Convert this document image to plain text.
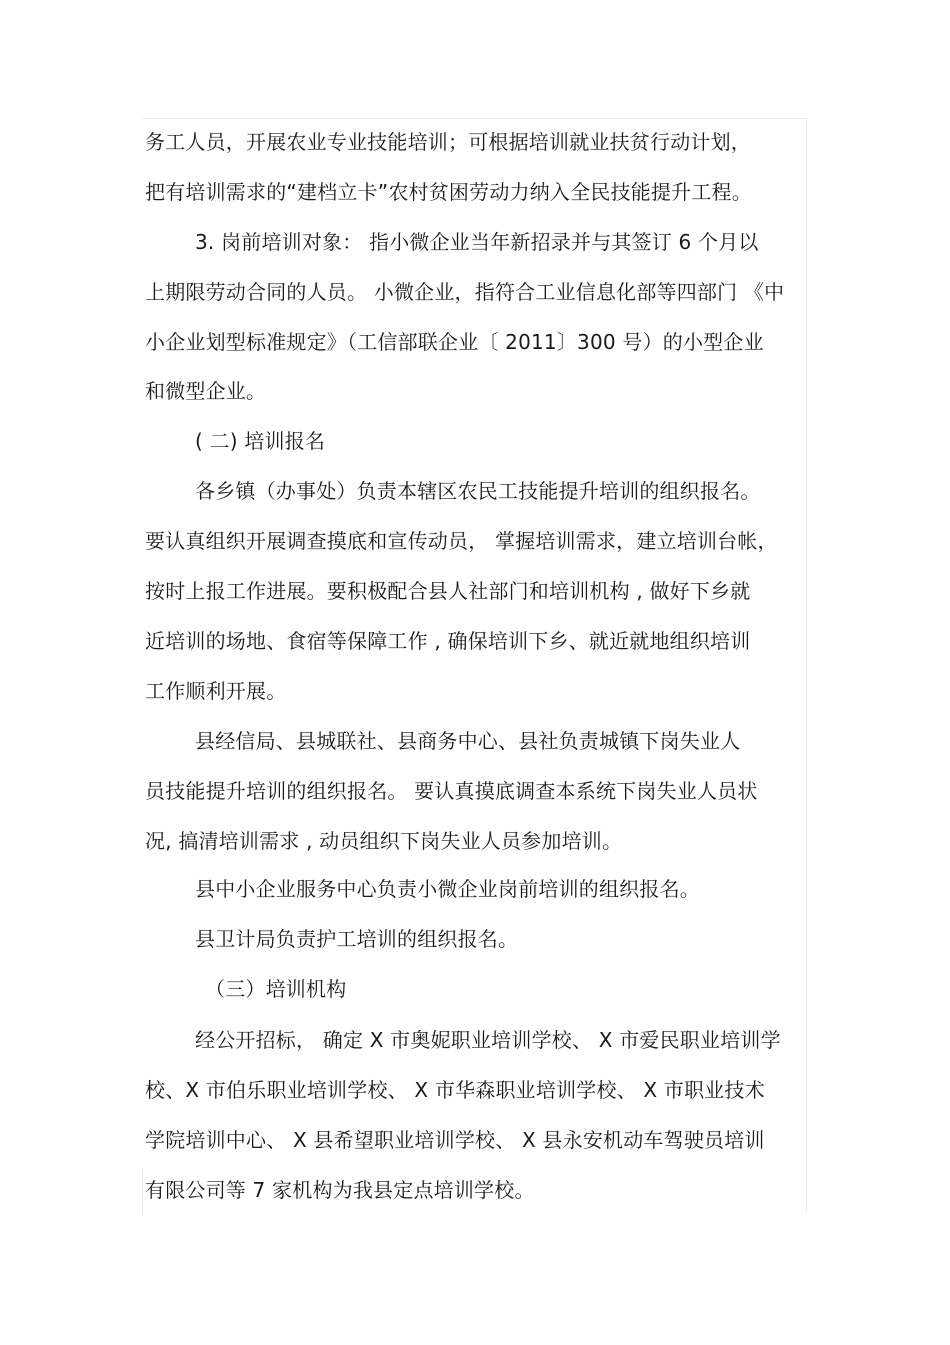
务工人员，开展农业专业技能培训；可根据培训就业扶贫行动计划，
把有培训需求的“建档立卡”农村贫困劳动力纳入全民技能提升工程。
3. 岗前培训对象： 指小微企业当年新招录并与其签订 6 个月以
上期限劳动合同的人员。 小微企业，指符合工业信息化部等四部门 《中
小企业划型标准规定》（工信部联企业〔 2011〕300 号）的小型企业
和微型企业。
( 二) 培训报名
各乡镇（办事处）负责本辖区农民工技能提升培训的组织报名。
要认真组织开展调查摸底和宣传动员， 掌握培训需求，建立培训台帐，
按时上报工作进展。要积极配合县人社部门和培训机构 , 做好下乡就
近培训的场地、食宿等保障工作 , 确保培训下乡、就近就地组织培训
工作顺利开展。
县经信局、县城联社、县商务中心、县社负责城镇下岗失业人
员技能提升培训的组织报名。 要认真摸底调查本系统下岗失业人员状
况, 搞清培训需求 , 动员组织下岗失业人员参加培训。
县中小企业服务中心负责小微企业岗前培训的组织报名。
县卫计局负责护工培训的组织报名。
（三）培训机构
经公开招标， 确定 X 市奥妮职业培训学校、 X 市爱民职业培训学
校、X 市伯乐职业培训学校、 X 市华森职业培训学校、 X 市职业技术
学院培训中心、 X 县希望职业培训学校、 X 县永安机动车驾驶员培训
有限公司等 7 家机构为我县定点培训学校。
